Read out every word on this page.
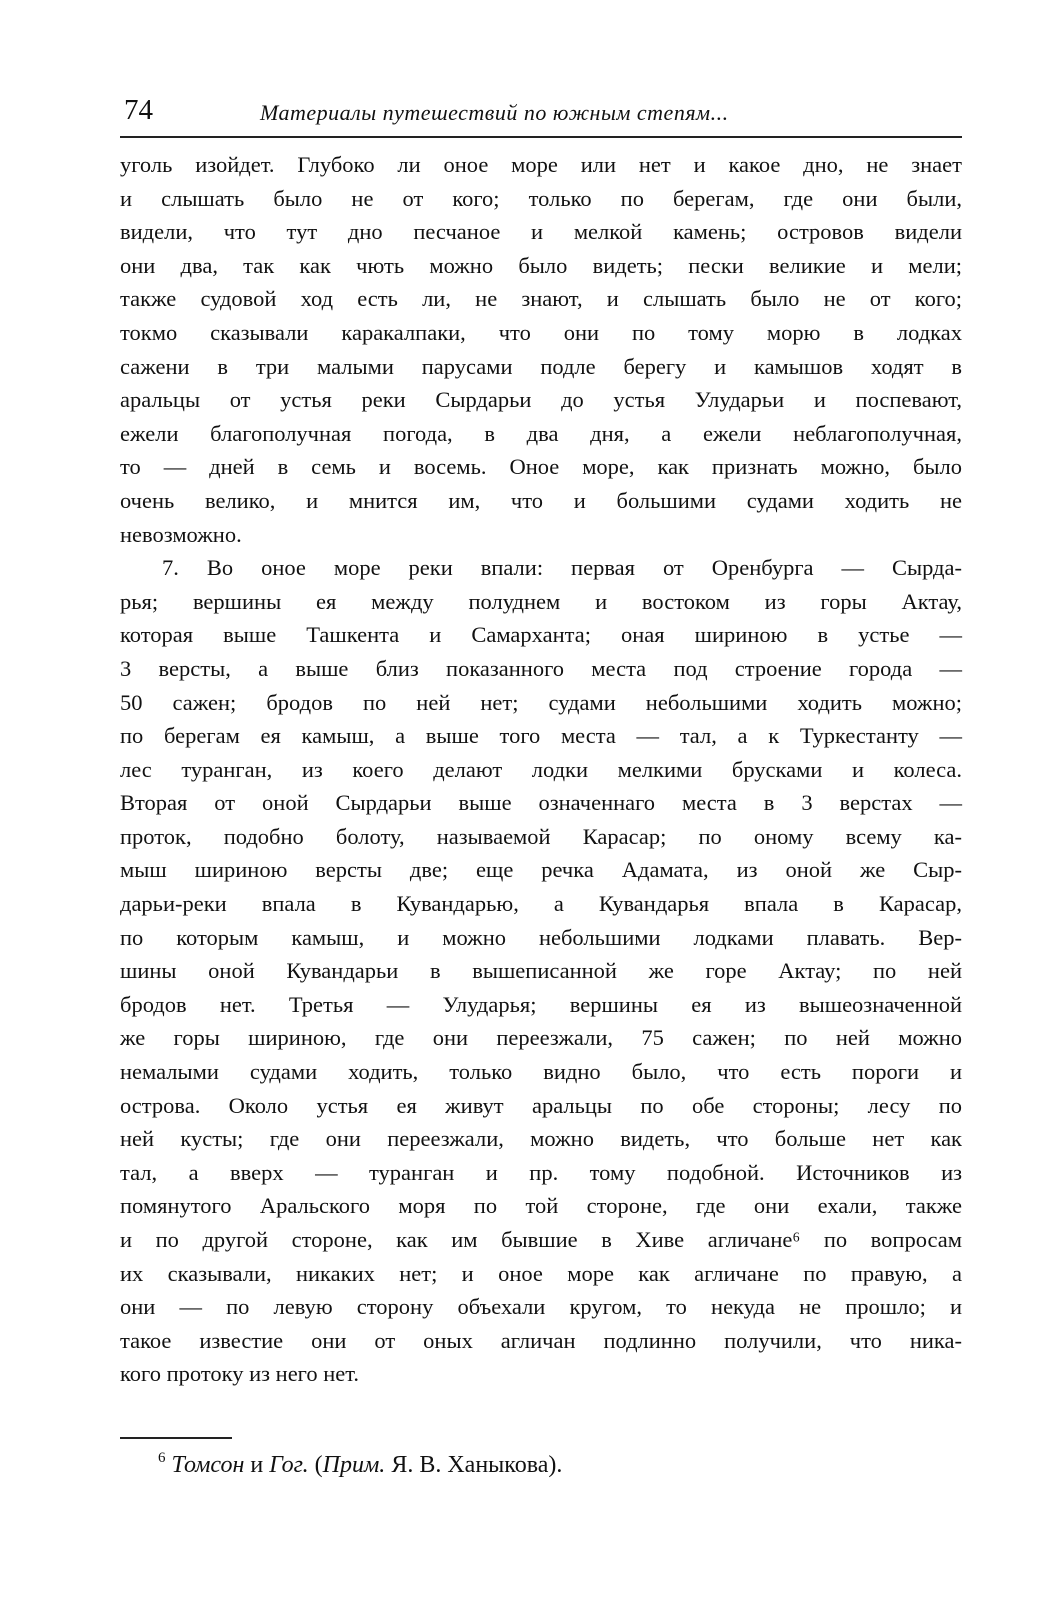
74	Материалы путешествий по южным степям...
уголь изойдет. Глубоко ли оное море или нет и какое дно, не знает
и слышать было не от кого; только по берегам, где они были,
видели, что тут дно песчаное и мелкой камень; островов видели
они два, так как чють можно было видеть; пески великие и мели;
также судовой ход есть ли, не знают, и слышать было не от кого;
токмо сказывали каракалпаки, что они по тому морю в лодках
сажени в три малыми парусами подле берегу и камышов ходят в
аральцы от устья реки Сырдарьи до устья Улударьи и поспевают,
ежели благополучная погода, в два дня, а ежели неблагополучная,
то — дней в семь и восемь. Оное море, как признать можно, было
очень велико, и мнится им, что и большими судами ходить не
невозможно.
7. Во оное море реки впали: первая от Оренбурга — Сырда-
рья; вершины ея между полуднем и востоком из горы Актау,
которая выше Ташкента и Самарханта; оная шириною в устье —
3 версты, а выше близ показанного места под строение города —
50 сажен; бродов по ней нет; судами небольшими ходить можно;
по берегам ея камыш, а выше того места — тал, а к Туркестанту —
лес туранган, из коего делают лодки мелкими брусками и колеса.
Вторая от оной Сырдарьи выше означеннаго места в 3 верстах —
проток, подобно болоту, называемой Карасар; по оному всему ка-
мыш шириною версты две; еще речка Адамата, из оной же Сыр-
дарьи-реки впала в Кувандарью, а Кувандарья впала в Карасар,
по которым камыш, и можно небольшими лодками плавать. Вер-
шины оной Кувандарьи в вышеписанной же горе Актау; по ней
бродов нет. Третья — Улударья; вершины ея из вышеозначенной
же горы шириною, где они переезжали, 75 сажен; по ней можно
немалыми судами ходить, только видно было, что есть пороги и
острова. Около устья ея живут аральцы по обе стороны; лесу по
ней кусты; где они переезжали, можно видеть, что больше нет как
тал, а вверх — туранган и пр. тому подобной. Источников из
помянутого Аральского моря по той стороне, где они ехали, также
и по другой стороне, как им бывшие в Хиве агличане⁶ по вопросам
их сказывали, никаких нет; и оное море как агличане по правую, а
они — по левую сторону объехали кругом, то некуда не прошло; и
такое известие они от оных агличан подлинно получили, что ника-
кого протоку из него нет.
$^6$ Томсон и Гог. (Прим. Я. В. Ханыкова).
